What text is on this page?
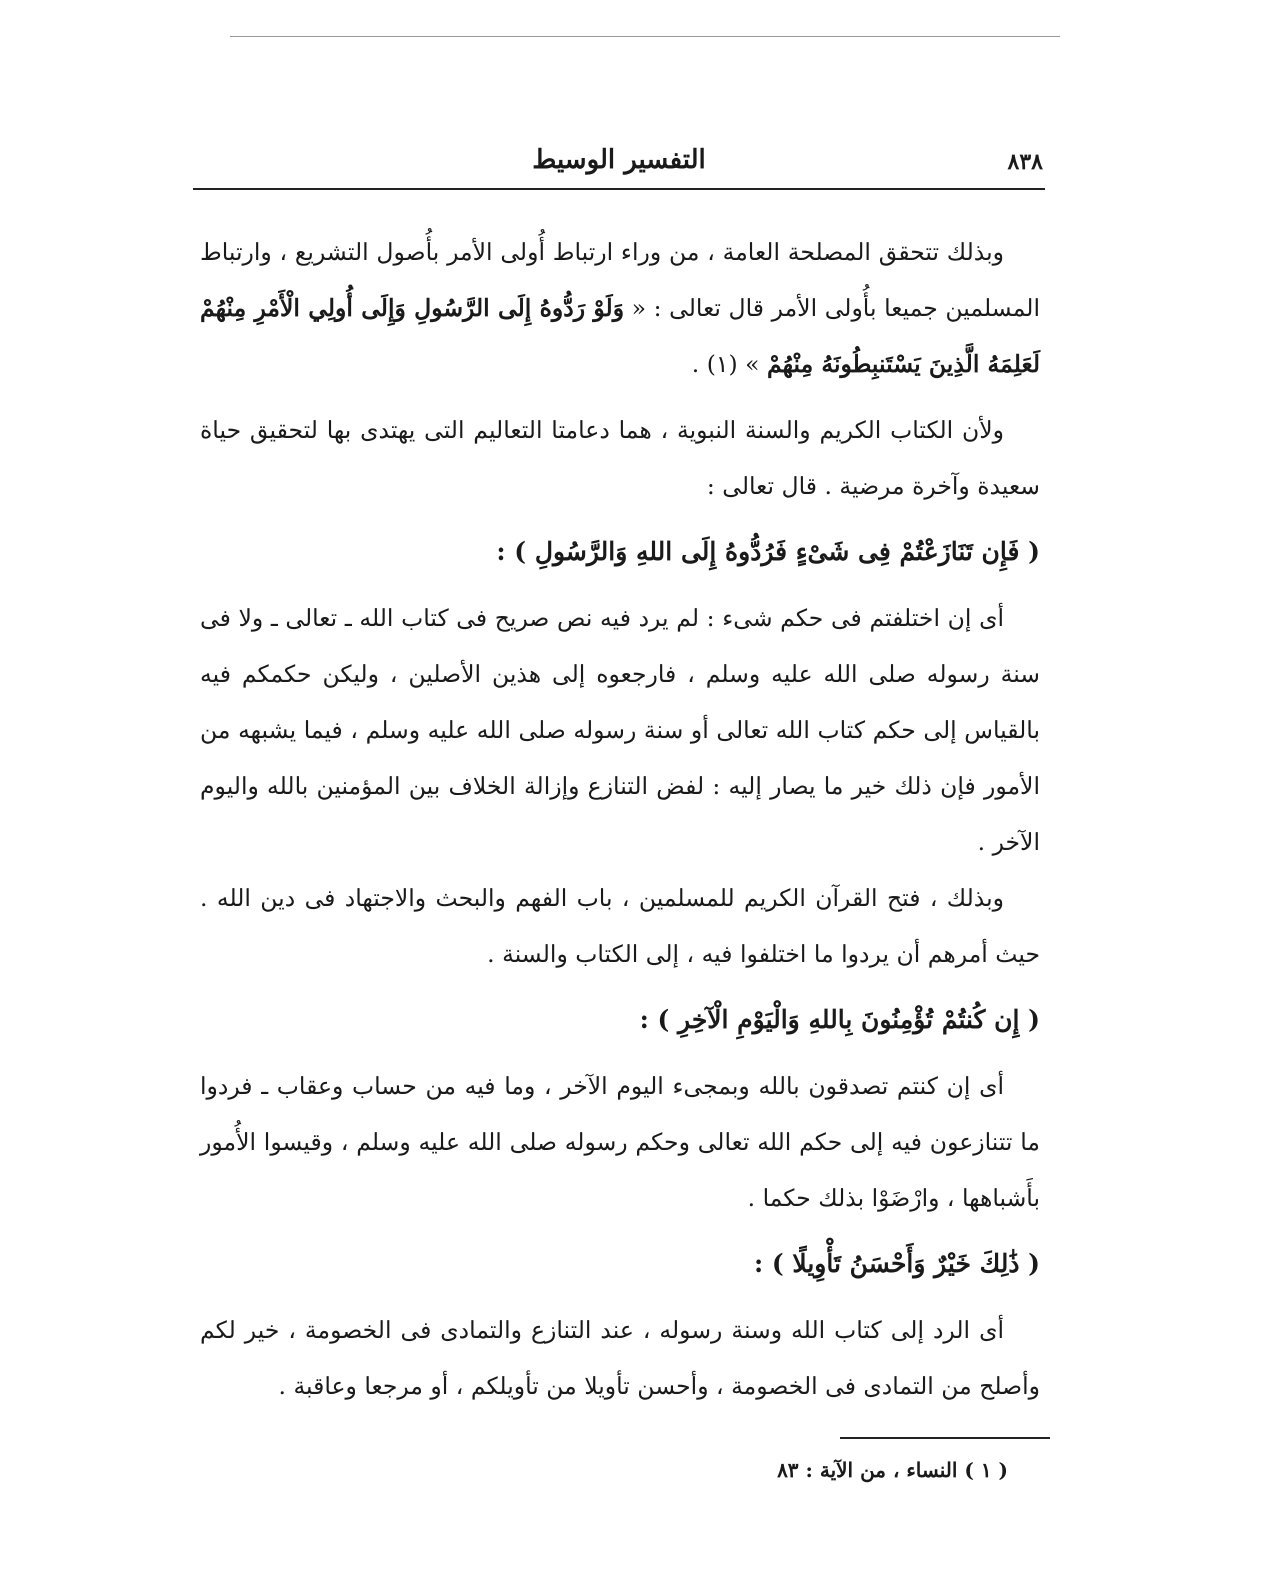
٨٣٨
التفسير الوسيط

وبذلك تتحقق المصلحة العامة ، من وراء ارتباط أُولى الأمر بأُصول التشريع ، وارتباط المسلمين جميعا بأُولى الأمر قال تعالى : « وَلَوْ رَدُّوهُ إِلَى الرَّسُولِ وَإِلَى أُولِي الْأَمْرِ مِنْهُمْ لَعَلِمَهُ الَّذِينَ يَسْتَنبِطُونَهُ مِنْهُمْ » (١) .

ولأن الكتاب الكريم والسنة النبوية ، هما دعامتا التعاليم التى يهتدى بها لتحقيق حياة سعيدة وآخرة مرضية . قال تعالى :

( فَإِن تَنَازَعْتُمْ فِى شَىْءٍ فَرُدُّوهُ إِلَى اللهِ وَالرَّسُولِ ) :

أى إن اختلفتم فى حكم شىء : لم يرد فيه نص صريح فى كتاب الله ـ تعالى ـ ولا فى سنة رسوله صلى الله عليه وسلم ، فارجعوه إلى هذين الأصلين ، وليكن حكمكم فيه بالقياس إلى حكم كتاب الله تعالى أو سنة رسوله صلى الله عليه وسلم ، فيما يشبهه من الأمور فإن ذلك خير ما يصار إليه : لفض التنازع وإزالة الخلاف بين المؤمنين بالله واليوم الآخر .

وبذلك ، فتح القرآن الكريم للمسلمين ، باب الفهم والبحث والاجتهاد فى دين الله . حيث أمرهم أن يردوا ما اختلفوا فيه ، إلى الكتاب والسنة .

( إِن كُنتُمْ تُؤْمِنُونَ بِاللهِ وَالْيَوْمِ الْآخِرِ ) :

أى إن كنتم تصدقون بالله وبمجىء اليوم الآخر ، وما فيه من حساب وعقاب ـ فردوا ما تتنازعون فيه إلى حكم الله تعالى وحكم رسوله صلى الله عليه وسلم ، وقيسوا الأُمور بأَشباهها ، وارْضَوْا بذلك حكما .

( ذَٰلِكَ خَيْرٌ وَأَحْسَنُ تَأْوِيلًا ) :

أى الرد إلى كتاب الله وسنة رسوله ، عند التنازع والتمادى فى الخصومة ، خير لكم وأصلح من التمادى فى الخصومة ، وأحسن تأويلا من تأويلكم ، أو مرجعا وعاقبة .

( ١ ) النساء ، من الآية : ٨٣
